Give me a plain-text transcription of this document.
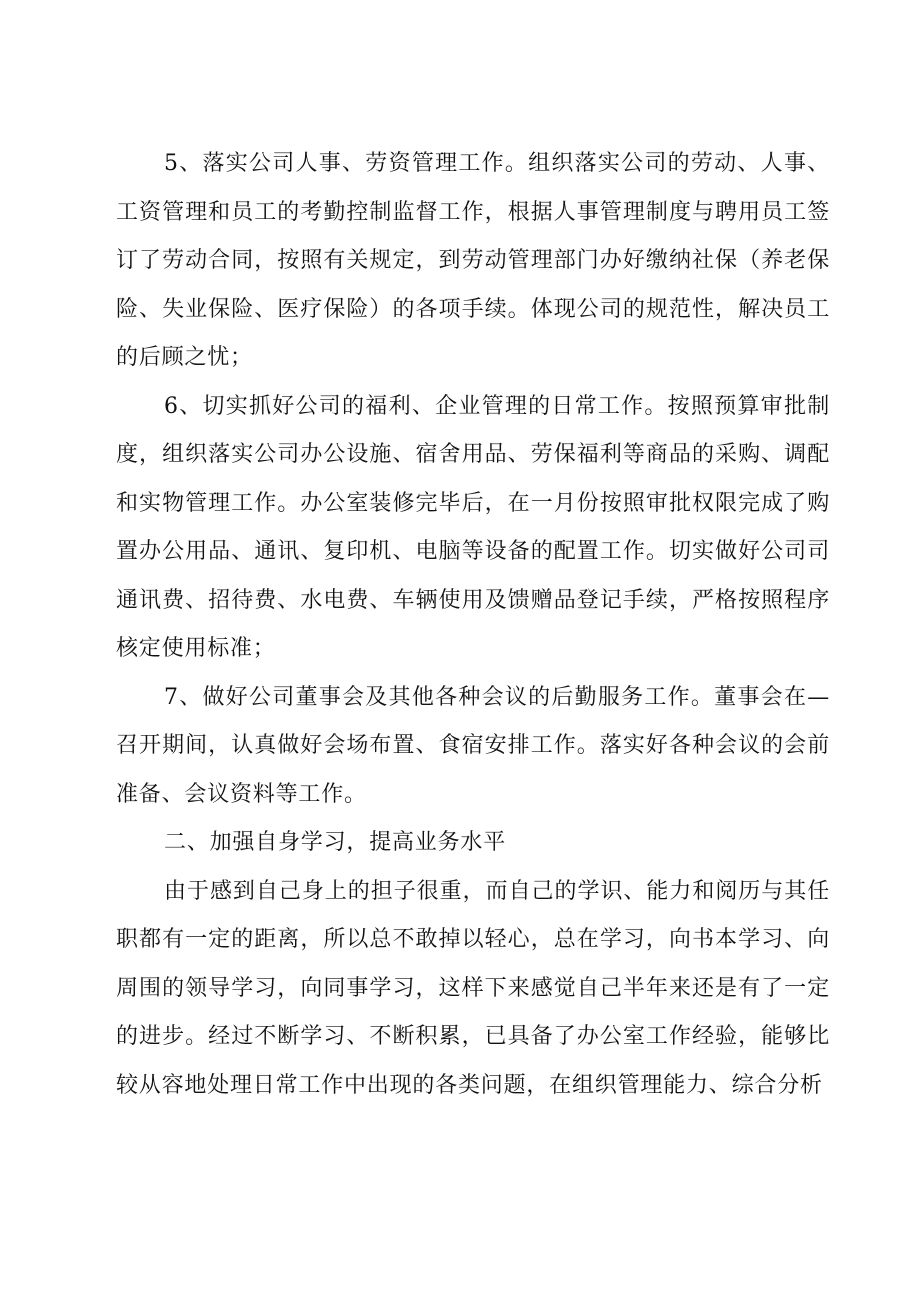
5、落实公司人事、劳资管理工作。组织落实公司的劳动、人事、工资管理和员工的考勤控制监督工作，根据人事管理制度与聘用员工签订了劳动合同，按照有关规定，到劳动管理部门办好缴纳社保（养老保险、失业保险、医疗保险）的各项手续。体现公司的规范性，解决员工的后顾之忧；

6、切实抓好公司的福利、企业管理的日常工作。按照预算审批制度，组织落实公司办公设施、宿舍用品、劳保福利等商品的采购、调配和实物管理工作。办公室装修完毕后，在一月份按照审批权限完成了购置办公用品、通讯、复印机、电脑等设备的配置工作。切实做好公司司通讯费、招待费、水电费、车辆使用及馈赠品登记手续，严格按照程序核定使用标准；

7、做好公司董事会及其他各种会议的后勤服务工作。董事会在—召开期间，认真做好会场布置、食宿安排工作。落实好各种会议的会前准备、会议资料等工作。

二、加强自身学习，提高业务水平

由于感到自己身上的担子很重，而自己的学识、能力和阅历与其任职都有一定的距离，所以总不敢掉以轻心，总在学习，向书本学习、向周围的领导学习，向同事学习，这样下来感觉自己半年来还是有了一定的进步。经过不断学习、不断积累，已具备了办公室工作经验，能够比较从容地处理日常工作中出现的各类问题，在组织管理能力、综合分析
